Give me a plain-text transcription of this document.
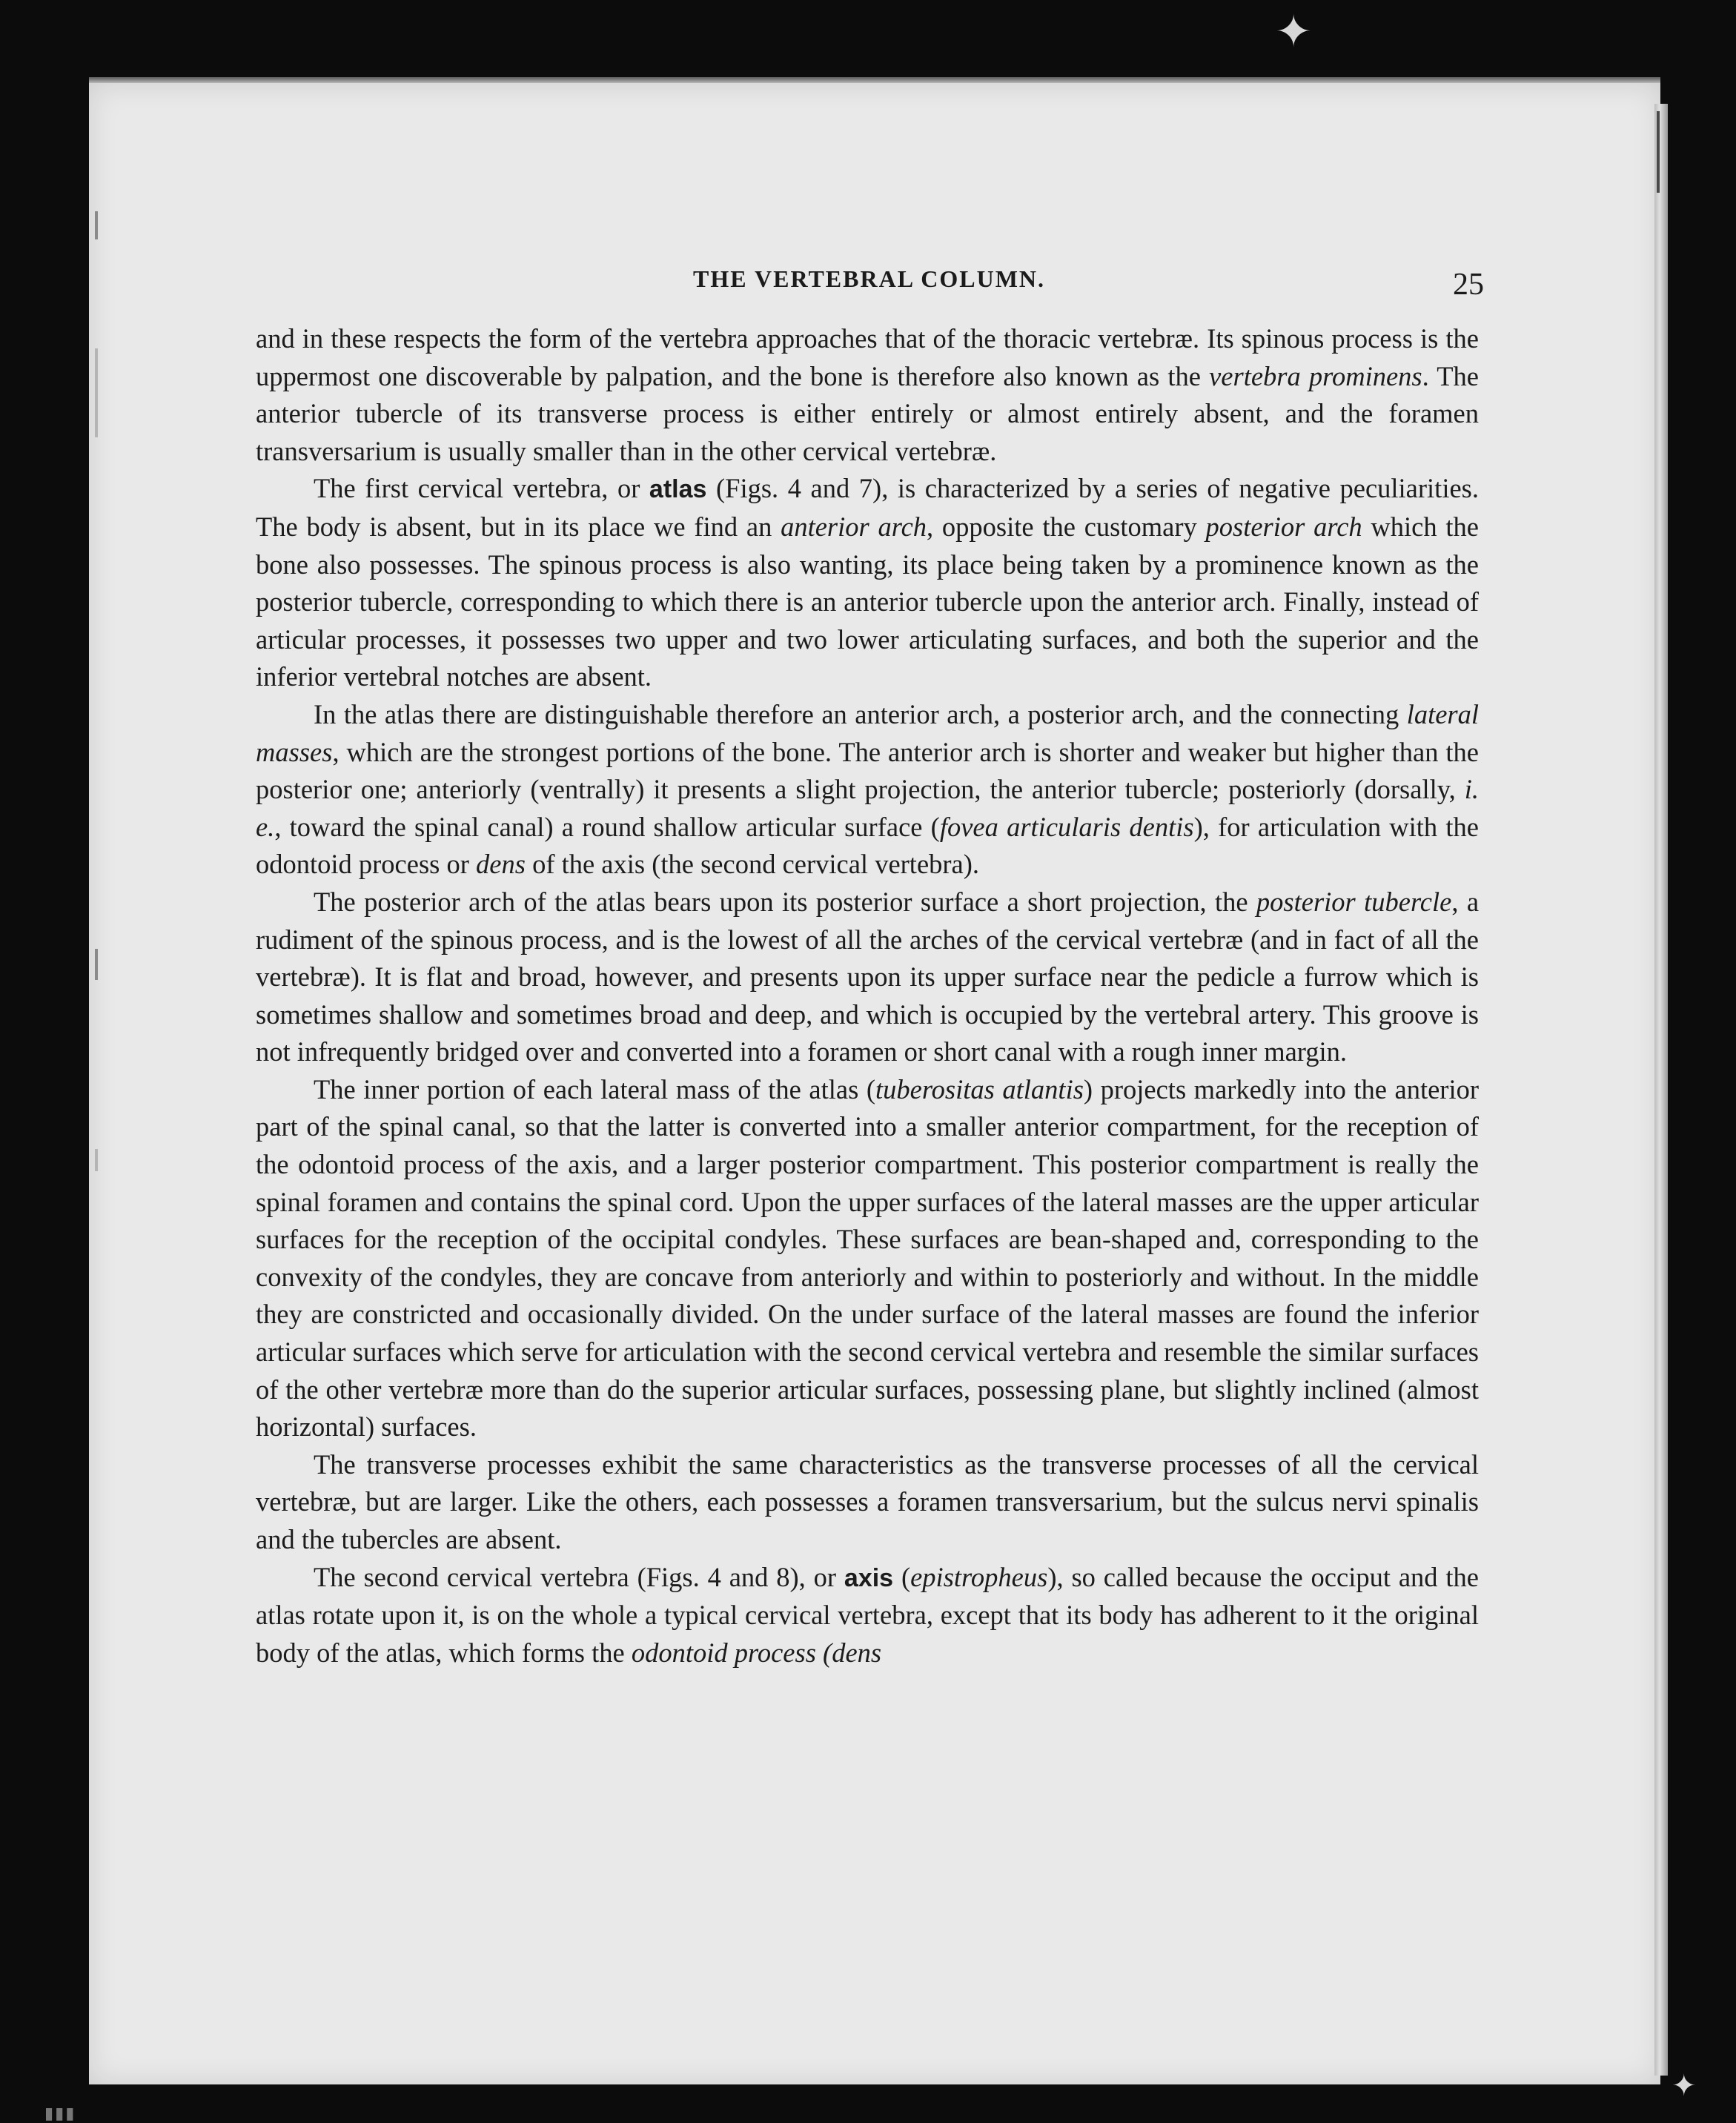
✦
✦
▮▮▮
THE VERTEBRAL COLUMN.	25

and in these respects the form of the vertebra approaches that of the thoracic vertebræ. Its spinous process is the uppermost one discoverable by palpation, and the bone is therefore also known as the vertebra prominens. The anterior tubercle of its transverse process is either entirely or almost entirely absent, and the foramen transversarium is usually smaller than in the other cervical vertebræ.

The first cervical vertebra, or atlas (Figs. 4 and 7), is characterized by a series of negative peculiarities. The body is absent, but in its place we find an anterior arch, opposite the customary posterior arch which the bone also possesses. The spinous process is also wanting, its place being taken by a prominence known as the posterior tubercle, corresponding to which there is an anterior tubercle upon the anterior arch. Finally, instead of articular processes, it possesses two upper and two lower articulating surfaces, and both the superior and the inferior vertebral notches are absent.

In the atlas there are distinguishable therefore an anterior arch, a posterior arch, and the connecting lateral masses, which are the strongest portions of the bone. The anterior arch is shorter and weaker but higher than the posterior one; anteriorly (ventrally) it presents a slight projection, the anterior tubercle; posteriorly (dorsally, i. e., toward the spinal canal) a round shallow articular surface (fovea articularis dentis), for articulation with the odontoid process or dens of the axis (the second cervical vertebra).

The posterior arch of the atlas bears upon its posterior surface a short projection, the posterior tubercle, a rudiment of the spinous process, and is the lowest of all the arches of the cervical vertebræ (and in fact of all the vertebræ). It is flat and broad, however, and presents upon its upper surface near the pedicle a furrow which is sometimes shallow and sometimes broad and deep, and which is occupied by the vertebral artery. This groove is not infrequently bridged over and converted into a foramen or short canal with a rough inner margin.

The inner portion of each lateral mass of the atlas (tuberositas atlantis) projects markedly into the anterior part of the spinal canal, so that the latter is converted into a smaller anterior compartment, for the reception of the odontoid process of the axis, and a larger posterior compartment. This posterior compartment is really the spinal foramen and contains the spinal cord. Upon the upper surfaces of the lateral masses are the upper articular surfaces for the reception of the occipital condyles. These surfaces are bean-shaped and, corresponding to the convexity of the condyles, they are concave from anteriorly and within to posteriorly and without. In the middle they are constricted and occasionally divided. On the under surface of the lateral masses are found the inferior articular surfaces which serve for articulation with the second cervical vertebra and resemble the similar surfaces of the other vertebræ more than do the superior articular surfaces, possessing plane, but slightly inclined (almost horizontal) surfaces.

The transverse processes exhibit the same characteristics as the transverse processes of all the cervical vertebræ, but are larger. Like the others, each possesses a foramen transversarium, but the sulcus nervi spinalis and the tubercles are absent.

The second cervical vertebra (Figs. 4 and 8), or axis (epistropheus), so called because the occiput and the atlas rotate upon it, is on the whole a typical cervical vertebra, except that its body has adherent to it the original body of the atlas, which forms the odontoid process (dens
